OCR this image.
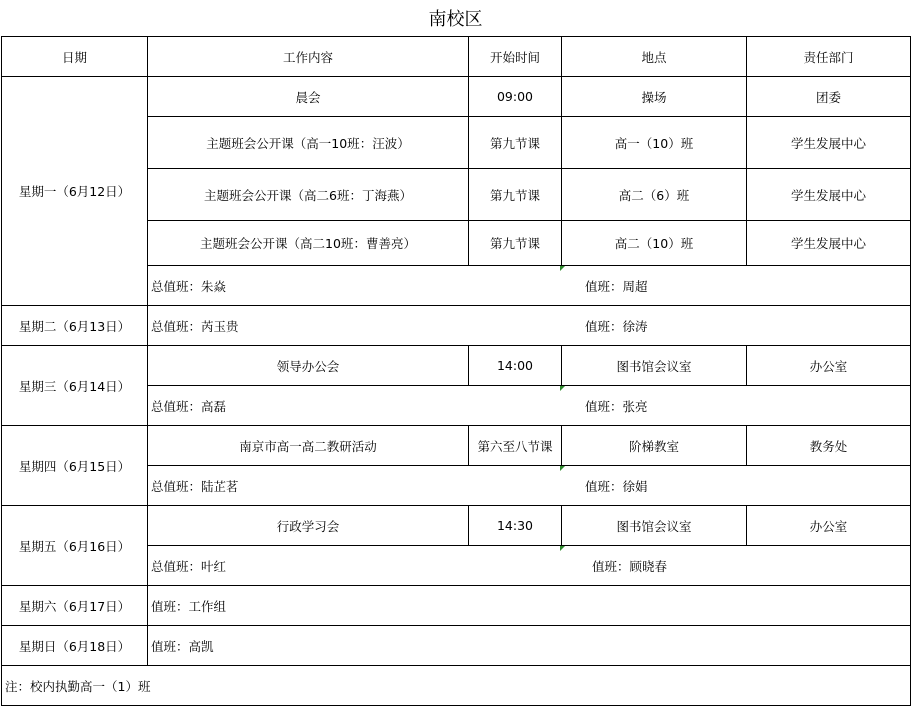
南校区
日期	工作内容	开始时间	地点	责任部门
星期一（6月12日）	晨会	09:00	操场	团委
	主题班会公开课（高一10班：汪波）	第九节课	高一（10）班	学生发展中心
	主题班会公开课（高二6班：丁海燕）	第九节课	高二（6）班	学生发展中心
	主题班会公开课（高二10班：曹善亮）	第九节课	高二（10）班	学生发展中心

	总值班：朱焱 值班：周超			

星期二（6月13日）	总值班：芮玉贵 值班：徐涛			

星期三（6月14日）	领导办公会	14:00	图书馆会议室	办公室

	总值班：高磊 值班：张亮			

星期四（6月15日）	南京市高一高二教研活动	第六至八节课	阶梯教室	教务处

	总值班：陆芷茗 值班：徐娟			

星期五（6月16日）	行政学习会	14:30	图书馆会议室	办公室

	总值班：叶红 值班：顾晓春			

星期六（6月17日）	值班：工作组			
星期日（6月18日）	值班：高凯			
注：校内执勤高一（1）班				
